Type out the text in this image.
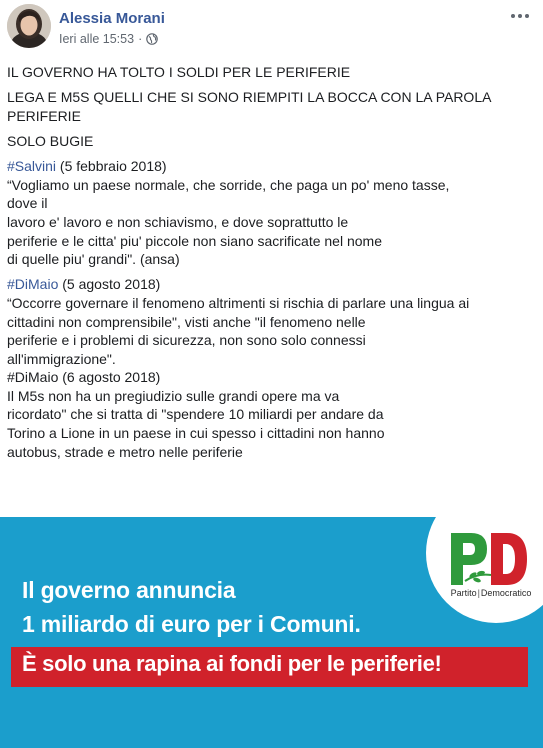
Alessia Morani
Ieri alle 15:53 ·

IL GOVERNO HA TOLTO I SOLDI PER LE PERIFERIE

LEGA E M5S QUELLI CHE SI SONO RIEMPITI LA BOCCA CON LA PAROLA
PERIFERIE

SOLO BUGIE

#Salvini (5 febbraio 2018)
“Vogliamo un paese normale, che sorride, che paga un po' meno tasse,
dove il
lavoro e' lavoro e non schiavismo, e dove soprattutto le
periferie e le citta' piu' piccole non siano sacrificate nel nome
di quelle piu' grandi". (ansa)

#DiMaio (5 agosto 2018)
“Occorre governare il fenomeno altrimenti si rischia di parlare una lingua ai
cittadini non comprensibile", visti anche "il fenomeno nelle
periferie e i problemi di sicurezza, non sono solo connessi
all'immigrazione".
#DiMaio (6 agosto 2018)
Il M5s non ha un pregiudizio sulle grandi opere ma va
ricordato" che si tratta di "spendere 10 miliardi per andare da
Torino a Lione in un paese in cui spesso i cittadini non hanno
autobus, strade e metro nelle periferie

Partito|Democratico
Il governo annuncia
1 miliardo di euro per i Comuni.
È solo una rapina ai fondi per le periferie!
